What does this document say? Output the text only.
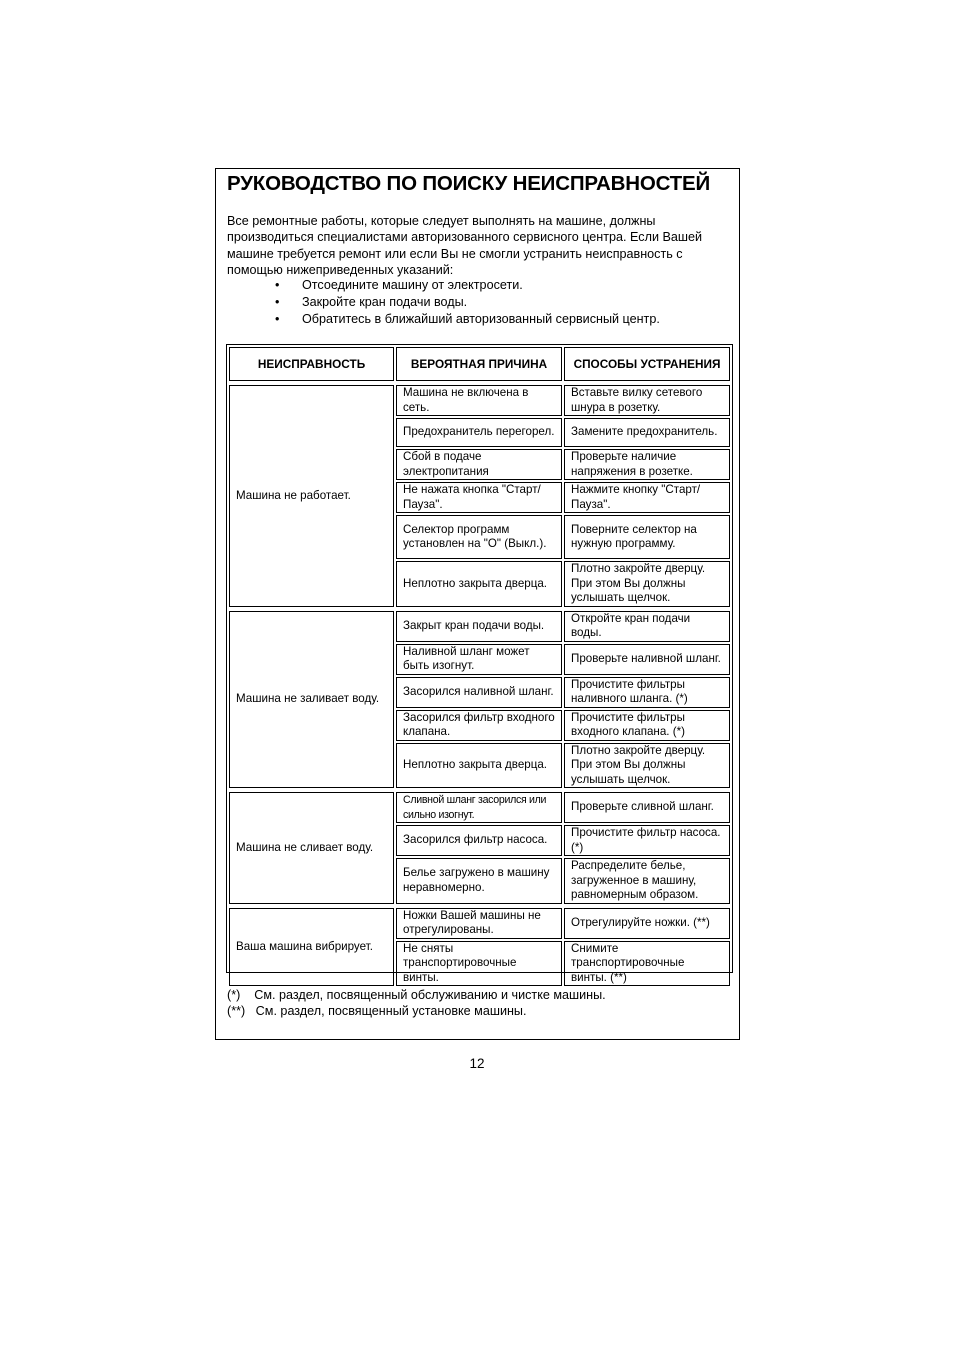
РУКОВОДСТВО ПО ПОИСКУ НЕИСПРАВНОСТЕЙ

Все ремонтные работы, которые следует выполнять на машине, должны производиться специалистами авторизованного сервисного центра. Если Вашей машине требуется ремонт или если Вы не смогли устранить неисправность с помощью нижеприведенных указаний:

• Отсоедините машину от электросети.
• Закройте кран подачи воды.
• Обратитесь в ближайший авторизованный сервисный центр.
НЕИСПРАВНОСТЬ	ВЕРОЯТНАЯ ПРИЧИНА	СПОСОБЫ УСТРАНЕНИЯ

Машина не работает.	Машина не включена в сеть.	Вставьте вилку сетевого шнура в розетку.
	Предохранитель перегорел.	Замените предохранитель.
	Сбой в подаче электропитания	Проверьте наличие напряжения в розетке.
	Не нажата кнопка "Старт/Пауза".	Нажмите кнопку "Старт/Пауза".
	Селектор программ установлен на "О" (Выкл.).	Поверните селектор на нужную программу.
	Неплотно закрыта дверца.	Плотно закройте дверцу. При этом Вы должны услышать щелчок.

Машина не заливает воду.	Закрыт кран подачи воды.	Откройте кран подачи воды.
	Наливной шланг может быть изогнут.	Проверьте наливной шланг.
	Засорился наливной шланг.	Прочистите фильтры наливного шланга. (*)
	Засорился фильтр входного клапана.	Прочистите фильтры входного клапана. (*)
	Неплотно закрыта дверца.	Плотно закройте дверцу. При этом Вы должны услышать щелчок.

Машина не сливает воду.	Сливной шланг засорился или сильно изогнут.	Проверьте сливной шланг.
	Засорился фильтр насоса.	Прочистите фильтр насоса. (*)
	Белье загружено в машину неравномерно.	Распределите белье, загруженное в машину, равномерным образом.

Ваша машина вибрирует.	Ножки Вашей машины не отрегулированы.	Отрегулируйте ножки. (**)
	Не сняты транспортировочные винты.	Снимите транспортировочные винты. (**)
(*)    См. раздел, посвященный обслуживанию и чистке машины.
(**)   См. раздел, посвященный установке машины.
12
